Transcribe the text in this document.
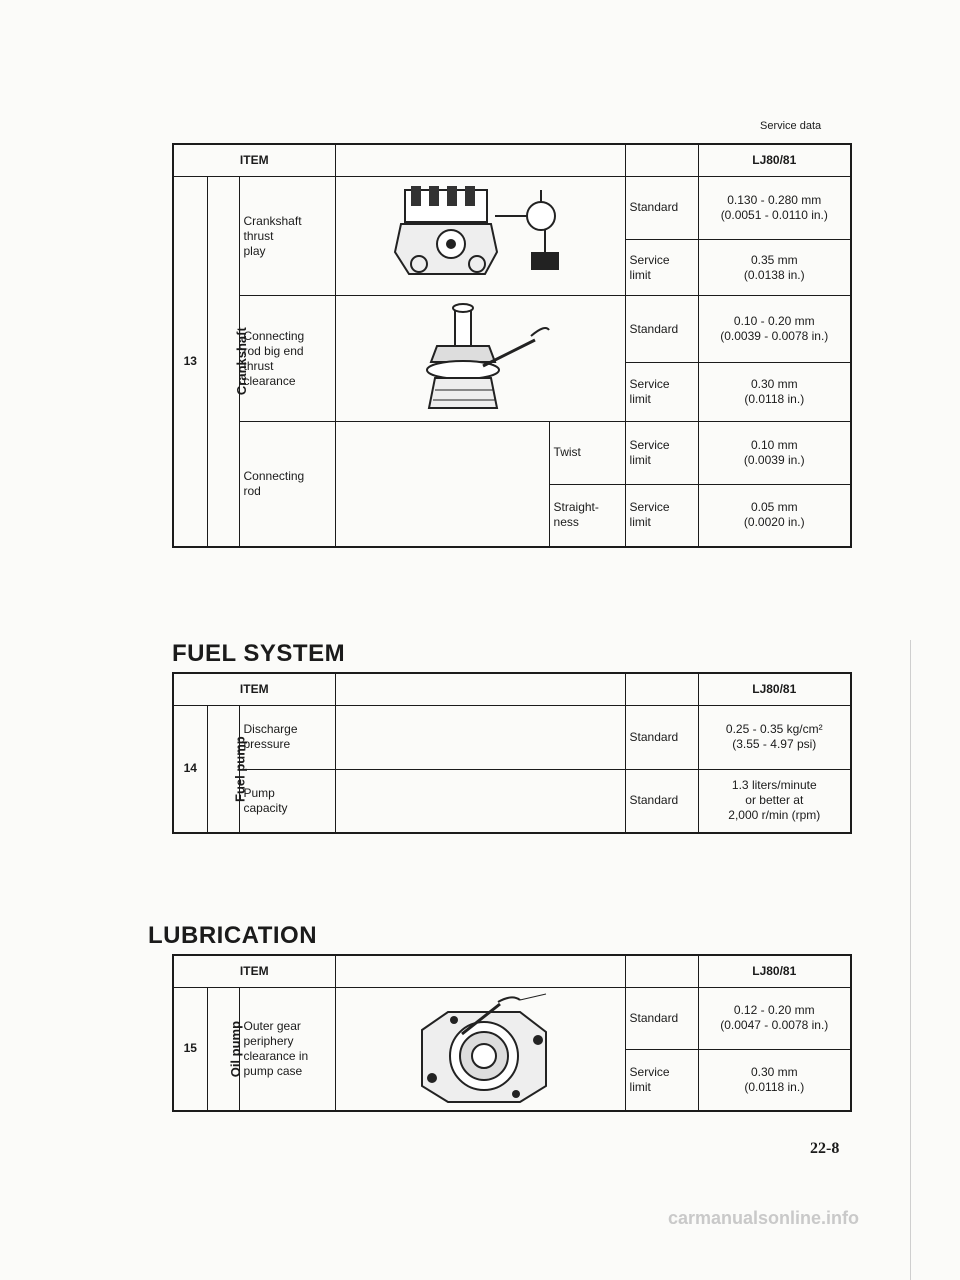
Service data
ITEM						LJ80/81
13	Crankshaft	Crankshaft
thrust
play			Standard	0.130 - 0.280 mm
(0.0051 - 0.0110 in.)

					Service limit	0.35 mm
(0.0138 in.)

		Connecting
rod big end
thrust
clearance			Standard	0.10 - 0.20 mm
(0.0039 - 0.0078 in.)

					Service limit	0.30 mm
(0.0118 in.)

		Connecting
rod		Twist	Service limit	0.10 mm
(0.0039 in.)

				Straight-ness	Service limit	0.05 mm
(0.0020 in.)
FUEL SYSTEM
ITEM					LJ80/81
14	Fuel pump	Discharge
pressure		Standard	0.25 - 0.35 kg/cm²
(3.55 - 4.97 psi)

		Pump
capacity		Standard	1.3 liters/minute
or better at
2,000 r/min (rpm)
LUBRICATION
ITEM					LJ80/81
15	Oil pump	Outer gear
periphery
clearance in
pump case		Standard	0.12 - 0.20 mm
(0.0047 - 0.0078 in.)

				Service limit	0.30 mm
(0.0118 in.)
22-8
carmanualsonline.info
